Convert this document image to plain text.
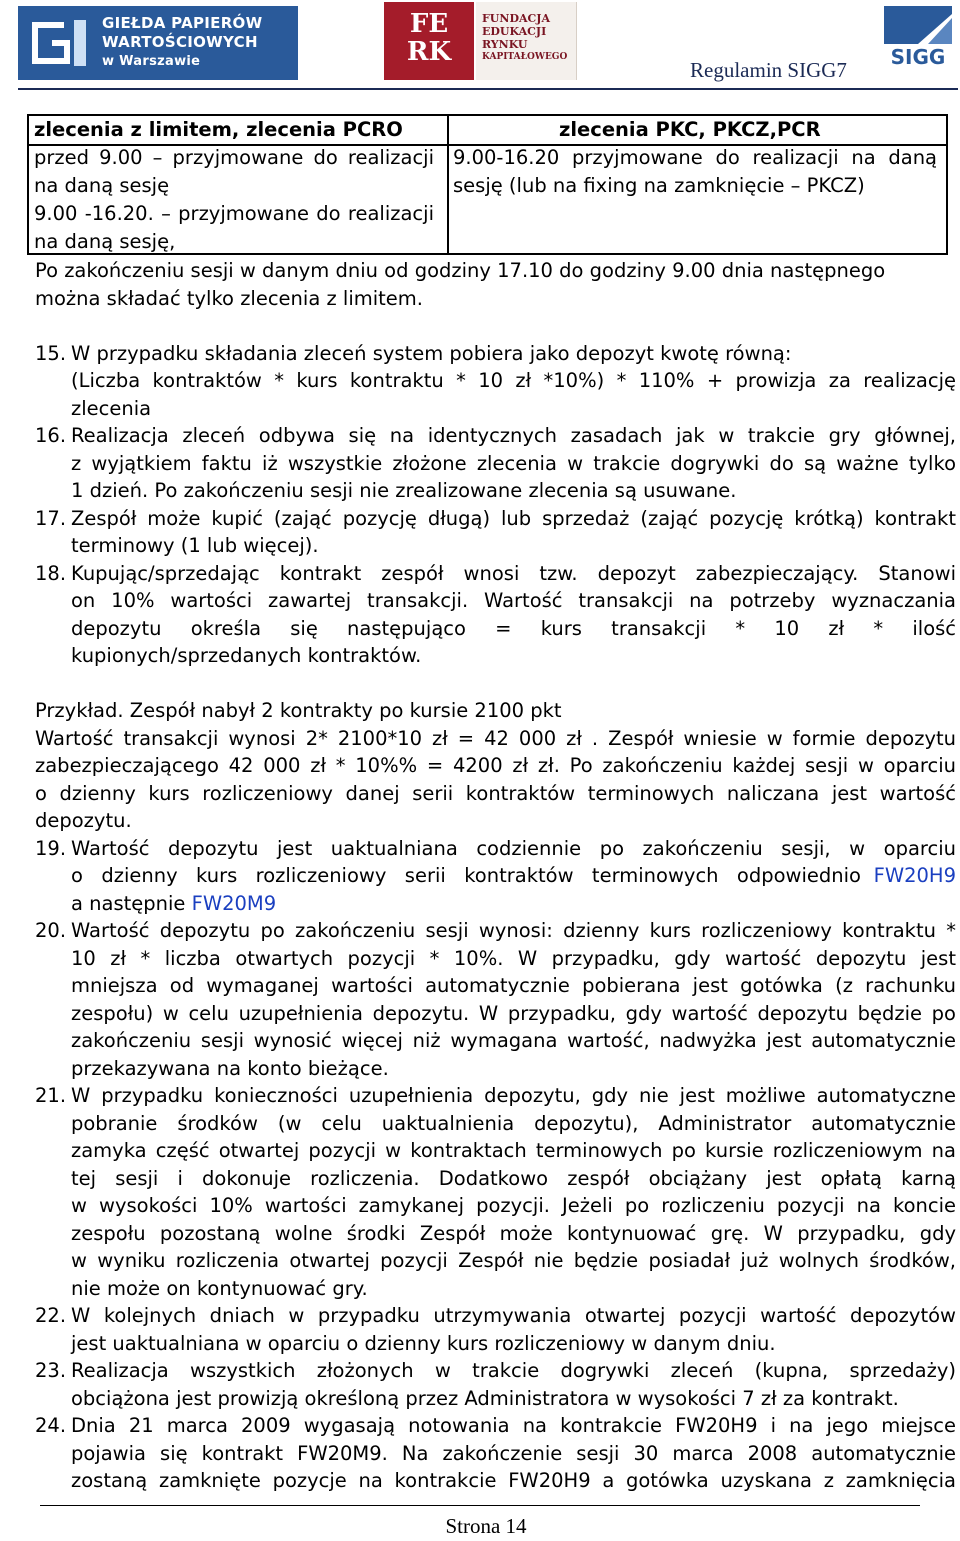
GIEŁDA PAPIERÓW
WARTOŚCIOWYCH
w Warszawie
FE RK
FUNDACJA
EDUKACJI
RYNKU
KAPITAŁOWEGO
Regulamin SIGG7
SIGG
zlecenia z limitem, zlecenia PCRO	zlecenia PKC, PKCZ,PCR
przed 9.00 – przyjmowane do realizacji
na daną sesję
9.00 -16.20. – przyjmowane do realizacji
na daną sesję,
9.00-16.20 przyjmowane do realizacji na daną
sesję (lub na fixing na zamknięcie – PKCZ)
Po zakończeniu sesji w danym dniu od godziny 17.10 do godziny 9.00 dnia następnego
można składać tylko zlecenia z limitem.
15. W przypadku składania zleceń system pobiera jako depozyt kwotę równą:
(Liczba kontraktów * kurs kontraktu * 10 zł *10%) * 110% + prowizja za realizację
zlecenia
16. Realizacja zleceń odbywa się na identycznych zasadach jak w trakcie gry głównej,
z wyjątkiem faktu iż wszystkie złożone zlecenia w trakcie dogrywki do są ważne tylko
1 dzień. Po zakończeniu sesji nie zrealizowane zlecenia są usuwane.
17. Zespół może kupić (zająć pozycję długą) lub sprzedaż (zająć pozycję krótką) kontrakt
terminowy (1 lub więcej).
18. Kupując/sprzedając kontrakt zespół wnosi tzw. depozyt zabezpieczający. Stanowi
on 10% wartości zawartej transakcji. Wartość transakcji na potrzeby wyznaczania
depozytu określa się następująco = kurs transakcji * 10 zł * ilość
kupionych/sprzedanych kontraktów.
Przykład. Zespół nabył 2 kontrakty po kursie 2100 pkt
Wartość transakcji wynosi 2* 2100*10 zł = 42 000 zł . Zespół wniesie w formie depozytu
zabezpieczającego 42 000 zł * 10%% = 4200 zł zł. Po zakończeniu każdej sesji w oparciu
o dzienny kurs rozliczeniowy danej serii kontraktów terminowych naliczana jest wartość
depozytu.
19. Wartość depozytu jest uaktualniana codziennie po zakończeniu sesji, w oparciu
o dzienny kurs rozliczeniowy serii kontraktów terminowych odpowiednio FW20H9
a następnie FW20M9
20. Wartość depozytu po zakończeniu sesji wynosi: dzienny kurs rozliczeniowy kontraktu *
10 zł * liczba otwartych pozycji * 10%. W przypadku, gdy wartość depozytu jest
mniejsza od wymaganej wartości automatycznie pobierana jest gotówka (z rachunku
zespołu) w celu uzupełnienia depozytu. W przypadku, gdy wartość depozytu będzie po
zakończeniu sesji wynosić więcej niż wymagana wartość, nadwyżka jest automatycznie
przekazywana na konto bieżące.
21. W przypadku konieczności uzupełnienia depozytu, gdy nie jest możliwe automatyczne
pobranie środków (w celu uaktualnienia depozytu), Administrator automatycznie
zamyka część otwartej pozycji w kontraktach terminowych po kursie rozliczeniowym na
tej sesji i dokonuje rozliczenia. Dodatkowo zespół obciążany jest opłatą karną
w wysokości 10% wartości zamykanej pozycji. Jeżeli po rozliczeniu pozycji na koncie
zespołu pozostaną wolne środki Zespół może kontynuować grę. W przypadku, gdy
w wyniku rozliczenia otwartej pozycji Zespół nie będzie posiadał już wolnych środków,
nie może on kontynuować gry.
22. W kolejnych dniach w przypadku utrzymywania otwartej pozycji wartość depozytów
jest uaktualniana w oparciu o dzienny kurs rozliczeniowy w danym dniu.
23. Realizacja wszystkich złożonych w trakcie dogrywki zleceń (kupna, sprzedaży)
obciążona jest prowizją określoną przez Administratora w wysokości 7 zł za kontrakt.
24. Dnia 21 marca 2009 wygasają notowania na kontrakcie FW20H9 i na jego miejsce
pojawia się kontrakt FW20M9. Na zakończenie sesji 30 marca 2008 automatycznie
zostaną zamknięte pozycje na kontrakcie FW20H9 a gotówka uzyskana z zamknięcia
Strona 14
